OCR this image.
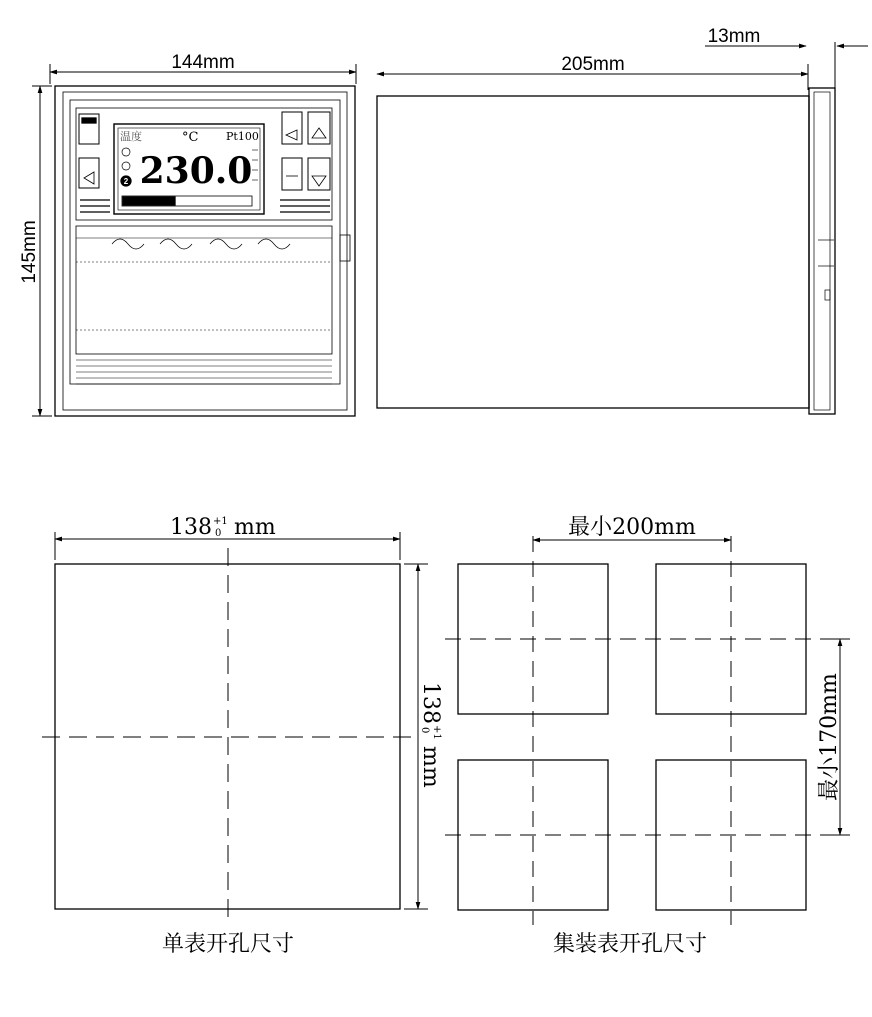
144mm
145mm
205mm
13mm
温度	°C	Pt100
230.0
2
138 +1
0 mm
138
+1
0
mm
最小200mm
最小170mm
单表开孔尺寸	集装表开孔尺寸
